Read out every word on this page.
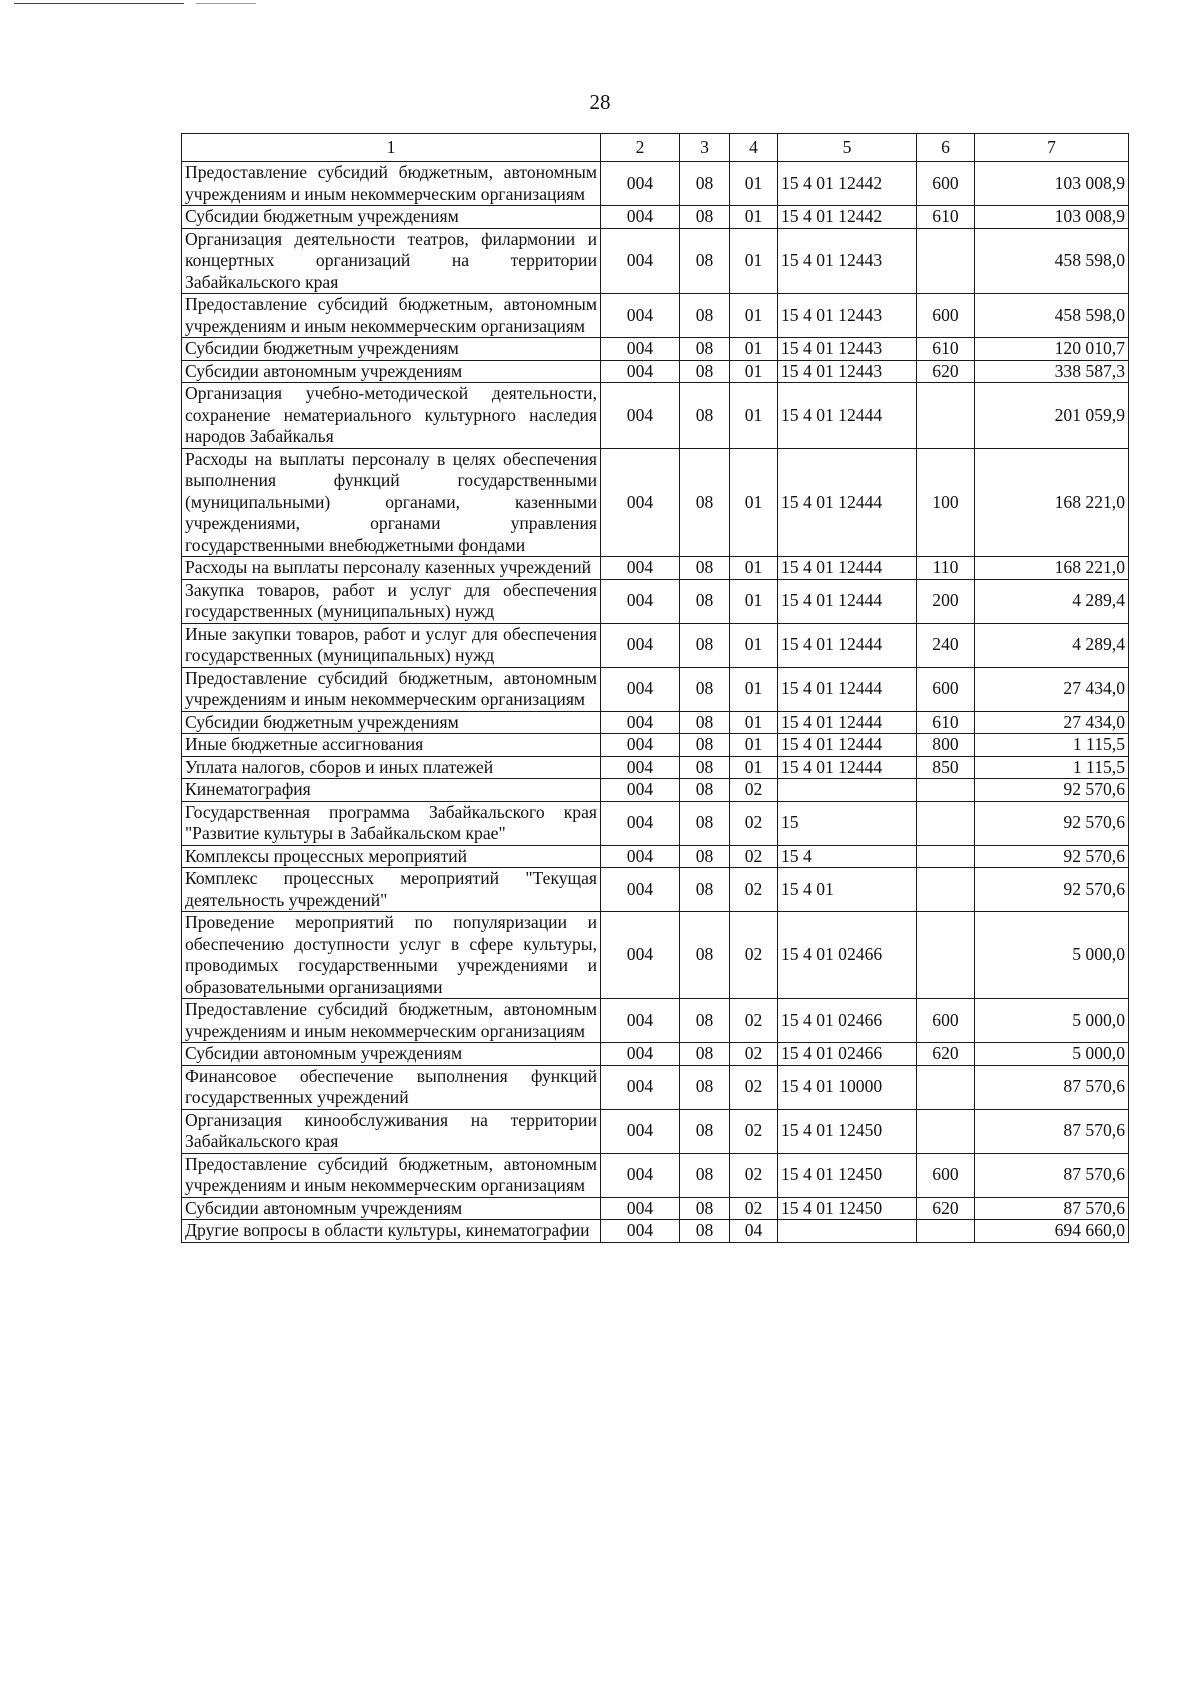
28
1	2	3	4	5	6	7
Предоставление субсидий бюджетным, автономным учреждениям и иным некоммерческим организациям	004	08	01	15 4 01 12442	600	103 008,9
Субсидии бюджетным учреждениям	004	08	01	15 4 01 12442	610	103 008,9
Организация деятельности театров, филармонии и концертных организаций на территории Забайкальского края	004	08	01	15 4 01 12443		458 598,0
Предоставление субсидий бюджетным, автономным учреждениям и иным некоммерческим организациям	004	08	01	15 4 01 12443	600	458 598,0
Субсидии бюджетным учреждениям	004	08	01	15 4 01 12443	610	120 010,7
Субсидии автономным учреждениям	004	08	01	15 4 01 12443	620	338 587,3
Организация учебно-методической деятельности, сохранение нематериального культурного наследия народов Забайкалья	004	08	01	15 4 01 12444		201 059,9
Расходы на выплаты персоналу в целях обеспечения выполнения функций государственными (муниципальными) органами, казенными учреждениями, органами управления государственными внебюджетными фондами	004	08	01	15 4 01 12444	100	168 221,0
Расходы на выплаты персоналу казенных учреждений	004	08	01	15 4 01 12444	110	168 221,0
Закупка товаров, работ и услуг для обеспечения государственных (муниципальных) нужд	004	08	01	15 4 01 12444	200	4 289,4
Иные закупки товаров, работ и услуг для обеспечения государственных (муниципальных) нужд	004	08	01	15 4 01 12444	240	4 289,4
Предоставление субсидий бюджетным, автономным учреждениям и иным некоммерческим организациям	004	08	01	15 4 01 12444	600	27 434,0
Субсидии бюджетным учреждениям	004	08	01	15 4 01 12444	610	27 434,0
Иные бюджетные ассигнования	004	08	01	15 4 01 12444	800	1 115,5
Уплата налогов, сборов и иных платежей	004	08	01	15 4 01 12444	850	1 115,5
Кинематография	004	08	02			92 570,6
Государственная программа Забайкальского края "Развитие культуры в Забайкальском крае"	004	08	02	15		92 570,6
Комплексы процессных мероприятий	004	08	02	15 4		92 570,6
Комплекс процессных мероприятий "Текущая деятельность учреждений"	004	08	02	15 4 01		92 570,6
Проведение мероприятий по популяризации и обеспечению доступности услуг в сфере культуры, проводимых государственными учреждениями и образовательными организациями	004	08	02	15 4 01 02466		5 000,0
Предоставление субсидий бюджетным, автономным учреждениям и иным некоммерческим организациям	004	08	02	15 4 01 02466	600	5 000,0
Субсидии автономным учреждениям	004	08	02	15 4 01 02466	620	5 000,0
Финансовое обеспечение выполнения функций государственных учреждений	004	08	02	15 4 01 10000		87 570,6
Организация кинообслуживания на территории Забайкальского края	004	08	02	15 4 01 12450		87 570,6
Предоставление субсидий бюджетным, автономным учреждениям и иным некоммерческим организациям	004	08	02	15 4 01 12450	600	87 570,6
Субсидии автономным учреждениям	004	08	02	15 4 01 12450	620	87 570,6
Другие вопросы в области культуры, кинематографии	004	08	04			694 660,0
